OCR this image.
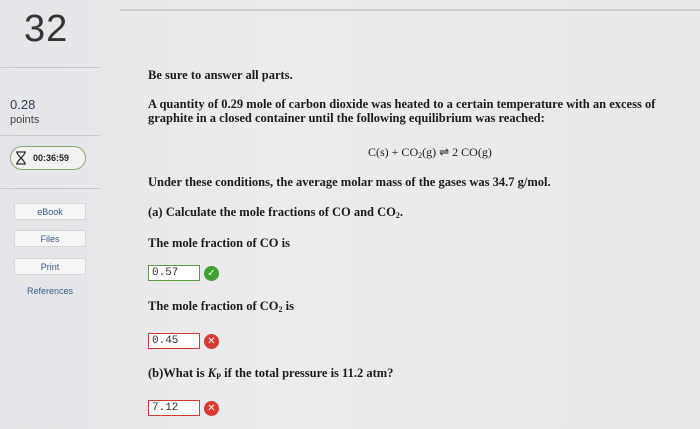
32
0.28
points
00:36:59
eBook
Files
Print
References
Be sure to answer all parts.
A quantity of 0.29 mole of carbon dioxide was heated to a certain temperature with an excess of
graphite in a closed container until the following equilibrium was reached:
$C(s) + CO_2(g)$ ⇌ 2 CO(g)
Under these conditions, the average molar mass of the gases was 34.7 g/mol.
(a) Calculate the mole fractions of CO and $CO_2$.
The mole fraction of CO is
0.57	✓
The mole fraction of $CO_2$ is
0.45	✕
(b)What is $K_P$ if the total pressure is 11.2 atm?
7.12	✕
